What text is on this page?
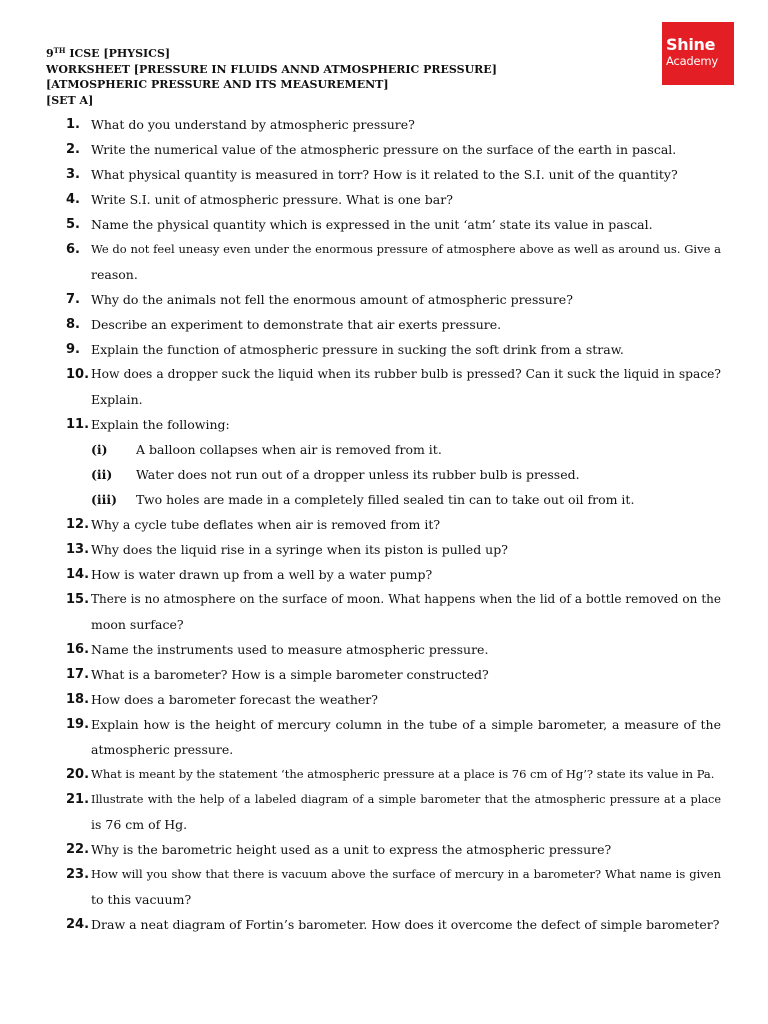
Shine
Academy
9TH ICSE [PHYSICS]
WORKSHEET [PRESSURE IN FLUIDS ANND ATMOSPHERIC PRESSURE]
[ATMOSPHERIC PRESSURE AND ITS MEASUREMENT]
[SET A]
1. What do you understand by atmospheric pressure?
2. Write the numerical value of the atmospheric pressure on the surface of the earth in pascal.
3. What physical quantity is measured in torr? How is it related to the S.I. unit of the quantity?
4. Write S.I. unit of atmospheric pressure. What is one bar?
5. Name the physical quantity which is expressed in the unit ‘atm’ state its value in pascal.
6. We do not feel uneasy even under the enormous pressure of atmosphere above as well as around us. Give a
reason.
7. Why do the animals not fell the enormous amount of atmospheric pressure?
8. Describe an experiment to demonstrate that air exerts pressure.
9. Explain the function of atmospheric pressure in sucking the soft drink from a straw.
10. How does a dropper suck the liquid when its rubber bulb is pressed? Can it suck the liquid in space?
Explain.
11. Explain the following:
(i) A balloon collapses when air is removed from it.
(ii) Water does not run out of a dropper unless its rubber bulb is pressed.
(iii) Two holes are made in a completely filled sealed tin can to take out oil from it.
12. Why a cycle tube deflates when air is removed from it?
13. Why does the liquid rise in a syringe when its piston is pulled up?
14. How is water drawn up from a well by a water pump?
15. There is no atmosphere on the surface of moon. What happens when the lid of a bottle removed on the
moon surface?
16. Name the instruments used to measure atmospheric pressure.
17. What is a barometer? How is a simple barometer constructed?
18. How does a barometer forecast the weather?
19. Explain how is the height of mercury column in the tube of a simple barometer, a measure of the
atmospheric pressure.
20. What is meant by the statement ‘the atmospheric pressure at a place is 76 cm of Hg’? state its value in Pa.
21. Illustrate with the help of a labeled diagram of a simple barometer that the atmospheric pressure at a place
is 76 cm of Hg.
22. Why is the barometric height used as a unit to express the atmospheric pressure?
23. How will you show that there is vacuum above the surface of mercury in a barometer? What name is given
to this vacuum?
24. Draw a neat diagram of Fortin’s barometer. How does it overcome the defect of simple barometer?
